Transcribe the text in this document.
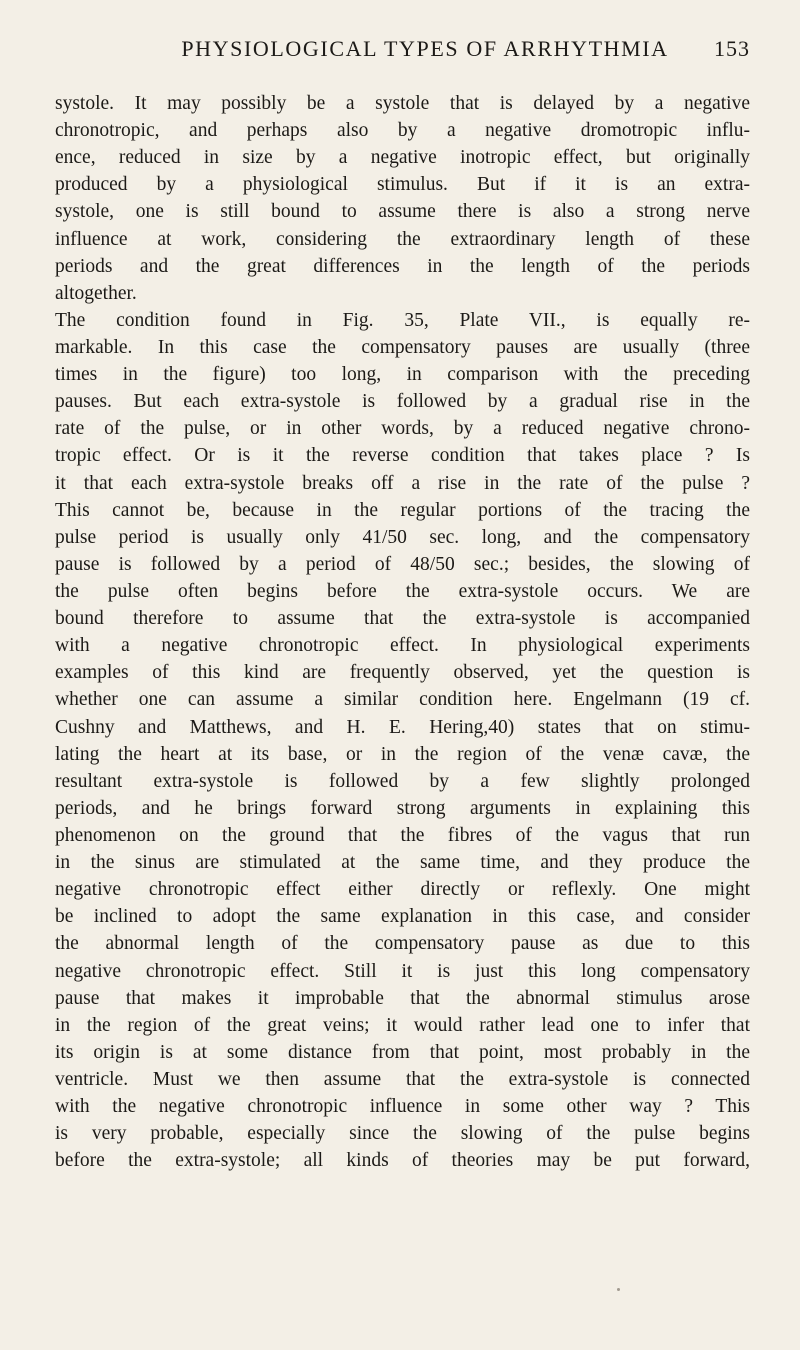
PHYSIOLOGICAL TYPES OF ARRHYTHMIA	153
systole. It may possibly be a systole that is delayed by a negative
chronotropic, and perhaps also by a negative dromotropic influ-
ence, reduced in size by a negative inotropic effect, but originally
produced by a physiological stimulus. But if it is an extra-
systole, one is still bound to assume there is also a strong nerve
influence at work, considering the extraordinary length of these
periods and the great differences in the length of the periods
altogether.
The condition found in Fig. 35, Plate VII., is equally re-
markable. In this case the compensatory pauses are usually (three
times in the figure) too long, in comparison with the preceding
pauses. But each extra-systole is followed by a gradual rise in the
rate of the pulse, or in other words, by a reduced negative chrono-
tropic effect. Or is it the reverse condition that takes place ? Is
it that each extra-systole breaks off a rise in the rate of the pulse ?
This cannot be, because in the regular portions of the tracing the
pulse period is usually only 41/50 sec. long, and the compensatory
pause is followed by a period of 48/50 sec.; besides, the slowing of
the pulse often begins before the extra-systole occurs. We are
bound therefore to assume that the extra-systole is accompanied
with a negative chronotropic effect. In physiological experiments
examples of this kind are frequently observed, yet the question is
whether one can assume a similar condition here. Engelmann (19 cf.
Cushny and Matthews, and H. E. Hering,40) states that on stimu-
lating the heart at its base, or in the region of the venæ cavæ, the
resultant extra-systole is followed by a few slightly prolonged
periods, and he brings forward strong arguments in explaining this
phenomenon on the ground that the fibres of the vagus that run
in the sinus are stimulated at the same time, and they produce the
negative chronotropic effect either directly or reflexly. One might
be inclined to adopt the same explanation in this case, and consider
the abnormal length of the compensatory pause as due to this
negative chronotropic effect. Still it is just this long compensatory
pause that makes it improbable that the abnormal stimulus arose
in the region of the great veins; it would rather lead one to infer that
its origin is at some distance from that point, most probably in the
ventricle. Must we then assume that the extra-systole is connected
with the negative chronotropic influence in some other way ? This
is very probable, especially since the slowing of the pulse begins
before the extra-systole; all kinds of theories may be put forward,
